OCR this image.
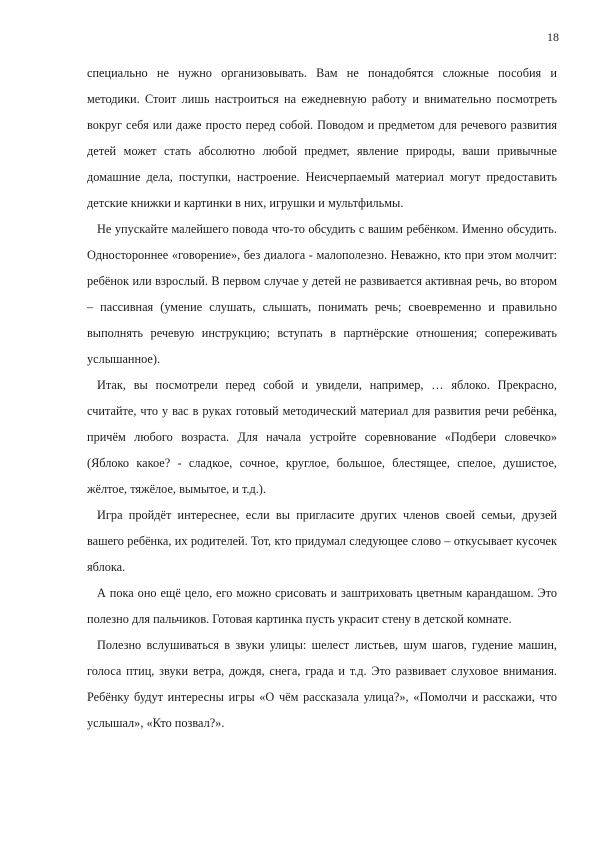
18

специально не нужно организовывать. Вам не понадобятся сложные пособия и методики. Стоит лишь настроиться на ежедневную работу и внимательно посмотреть вокруг себя или даже просто перед собой. Поводом и предметом для речевого развития детей может стать абсолютно любой предмет, явление природы, ваши привычные домашние дела, поступки, настроение. Неисчерпаемый материал могут предоставить детские книжки и картинки в них, игрушки и мультфильмы.

Не упускайте малейшего повода что-то обсудить с вашим ребёнком. Именно обсудить. Одностороннее «говорение», без диалога - малополезно. Неважно, кто при этом молчит: ребёнок или взрослый. В первом случае у детей не развивается активная речь, во втором – пассивная (умение слушать, слышать, понимать речь; своевременно и правильно выполнять речевую инструкцию; вступать в партнёрские отношения; сопереживать услышанное).

Итак, вы посмотрели перед собой и увидели, например, … яблоко. Прекрасно, считайте, что у вас в руках готовый методический материал для развития речи ребёнка, причём любого возраста. Для начала устройте соревнование «Подбери словечко» (Яблоко какое? - сладкое, сочное, круглое, большое, блестящее, спелое, душистое, жёлтое, тяжёлое, вымытое, и т.д.).

Игра пройдёт интереснее, если вы пригласите других членов своей семьи, друзей вашего ребёнка, их родителей. Тот, кто придумал следующее слово – откусывает кусочек яблока.

А пока оно ещё цело, его можно срисовать и заштриховать цветным карандашом. Это полезно для пальчиков. Готовая картинка пусть украсит стену в детской комнате.

Полезно вслушиваться в звуки улицы: шелест листьев, шум шагов, гудение машин, голоса птиц, звуки ветра, дождя, снега, града и т.д. Это развивает слуховое внимания. Ребёнку будут интересны игры «О чём рассказала улица?», «Помолчи и расскажи, что услышал», «Кто позвал?».
